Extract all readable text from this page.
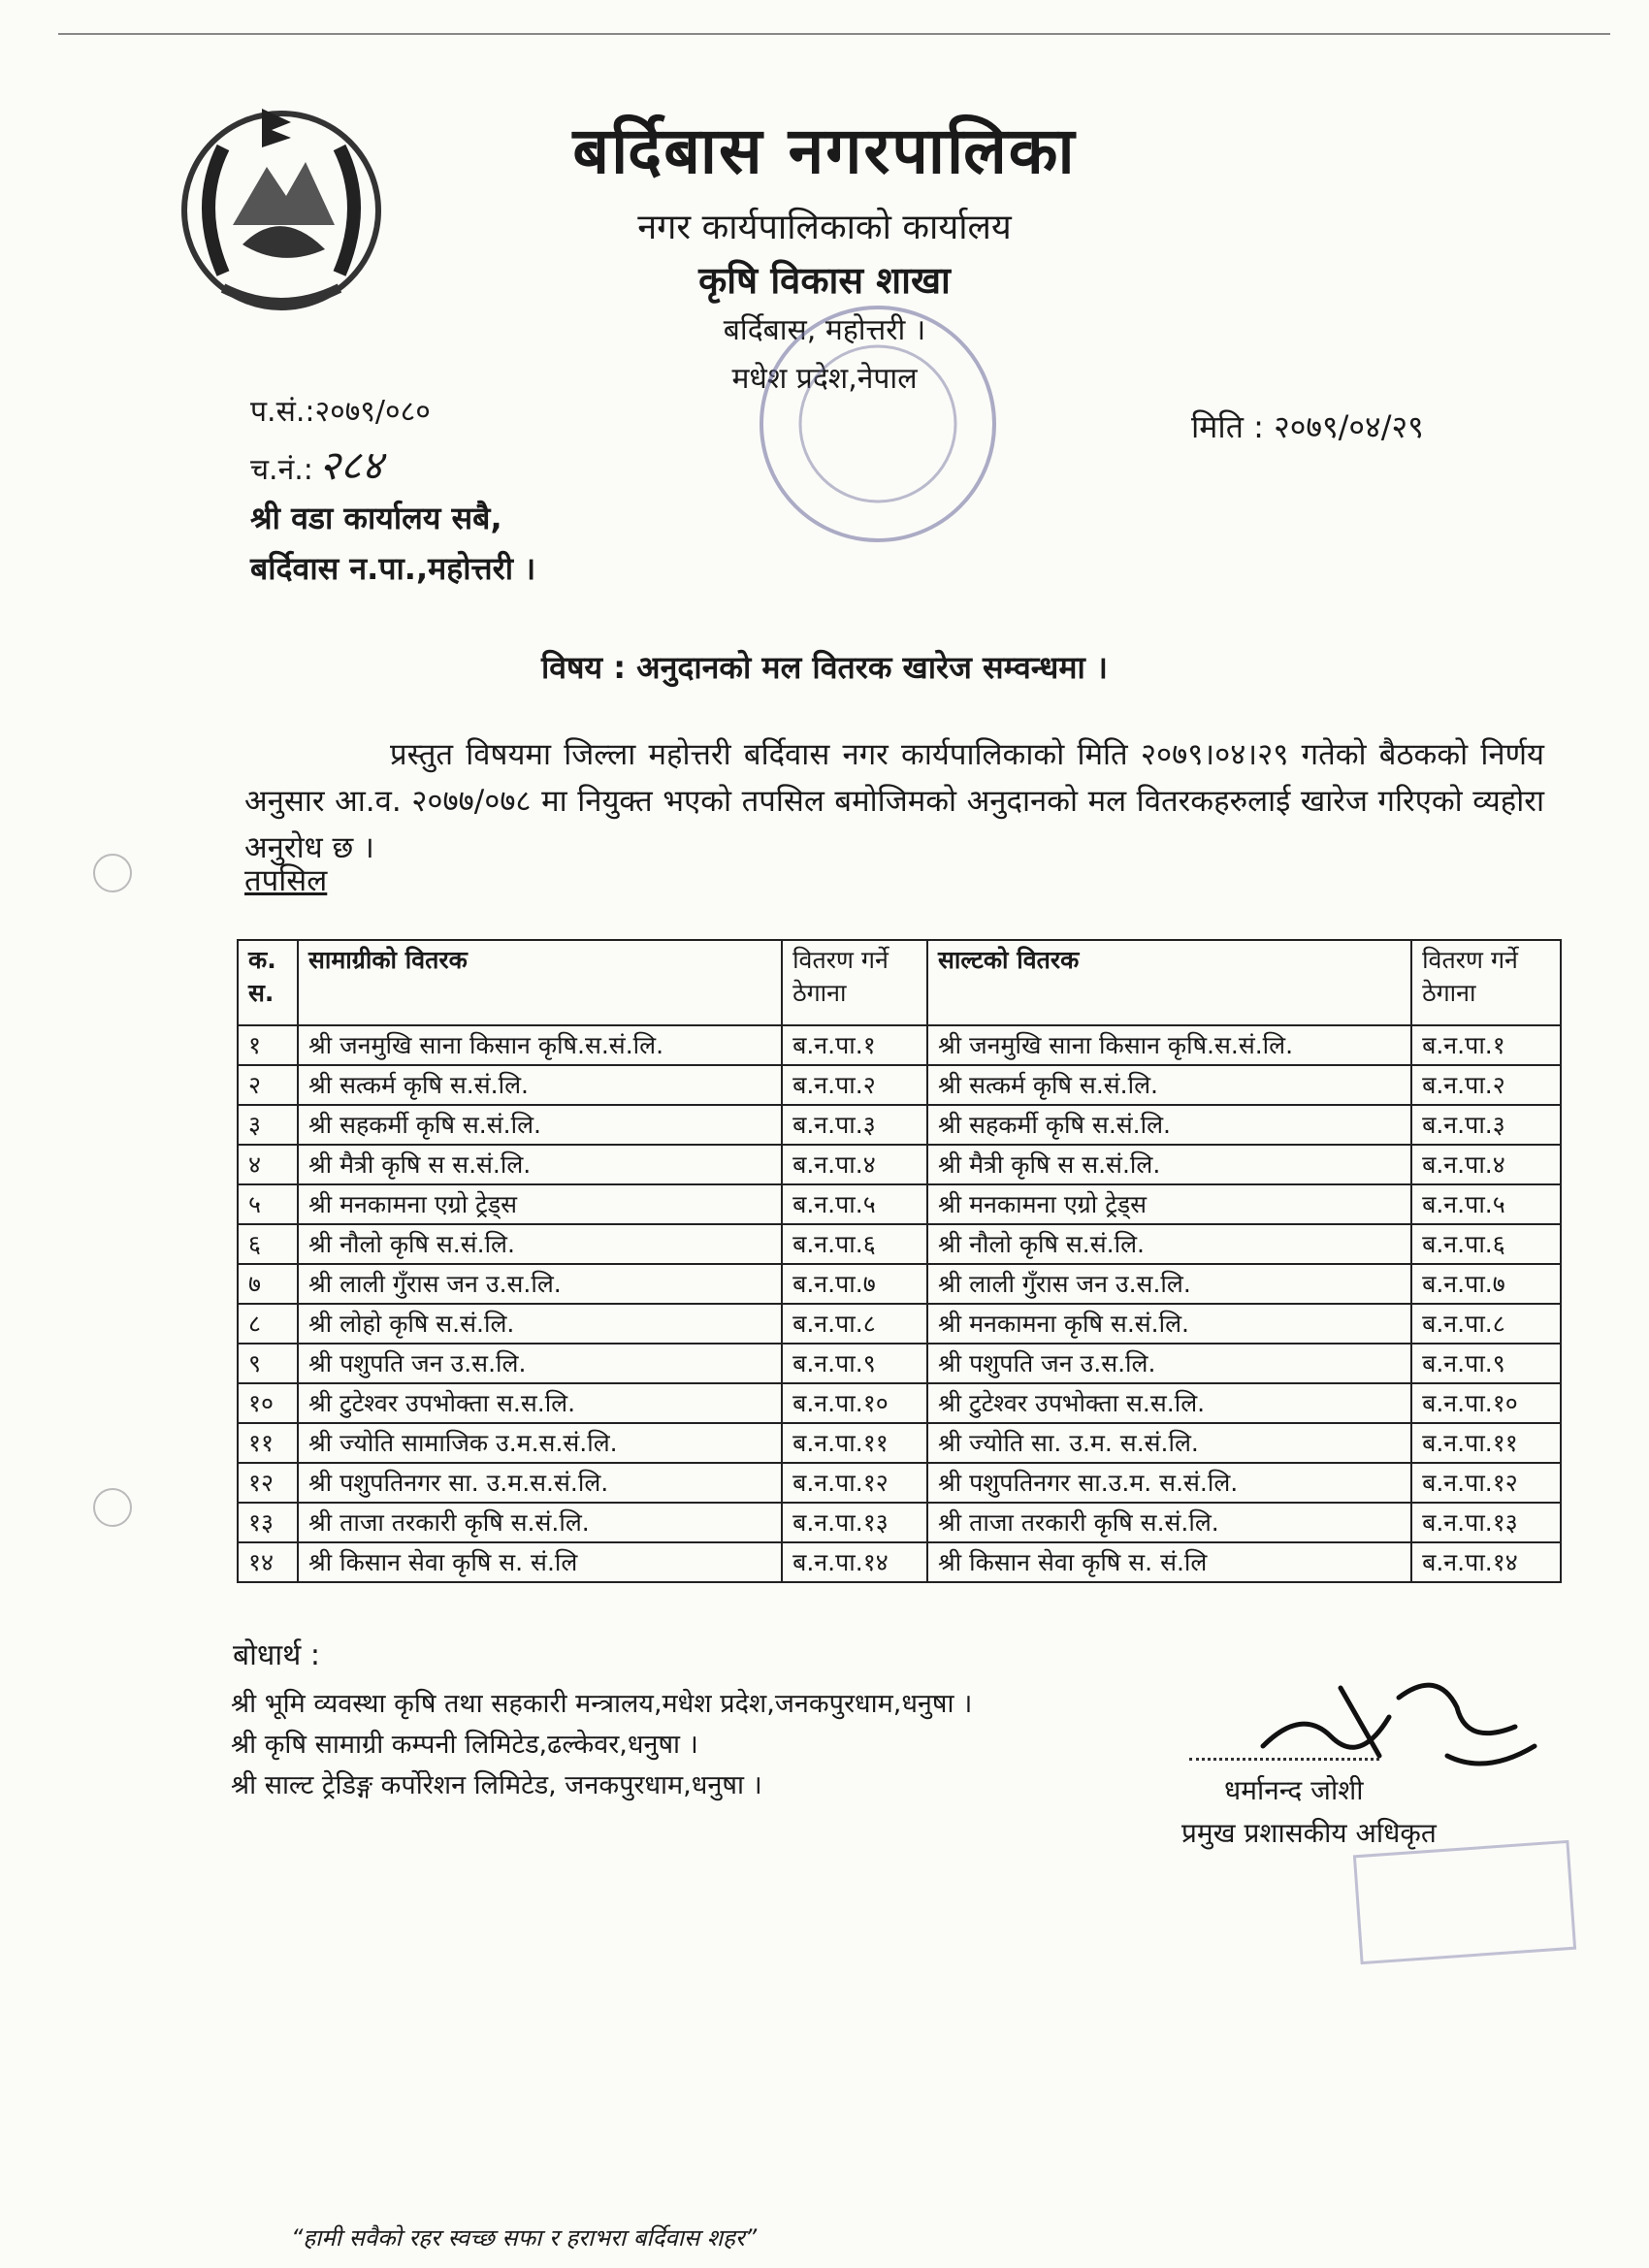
बर्दिबास नगरपालिका
नगर कार्यपालिकाको कार्यालय
कृषि विकास शाखा
बर्दिबास, महोत्तरी ।
मधेश प्रदेश,नेपाल
प.सं.:२०७९/०८०
च.नं.: २८४
मिति : २०७९/०४/२९
श्री वडा कार्यालय सबै,
बर्दिवास न.पा.,महोत्तरी ।
विषय : अनुदानको मल वितरक खारेज सम्वन्धमा ।
प्रस्तुत विषयमा जिल्ला महोत्तरी बर्दिवास नगर कार्यपालिकाको मिति २०७९।०४।२९ गतेको बैठकको निर्णय अनुसार आ.व. २०७७/०७८ मा नियुक्त भएको तपसिल बमोजिमको अनुदानको मल वितरकहरुलाई खारेज गरिएको व्यहोरा अनुरोध छ ।
तपसिल
क. स.	सामाग्रीको वितरक	वितरण गर्ने ठेगाना	साल्टको वितरक	वितरण गर्ने ठेगाना
१	श्री जनमुखि साना किसान कृषि.स.सं.लि.	ब.न.पा.१	श्री जनमुखि साना किसान कृषि.स.सं.लि.	ब.न.पा.१
२	श्री सत्कर्म कृषि स.सं.लि.	ब.न.पा.२	श्री सत्कर्म कृषि स.सं.लि.	ब.न.पा.२
३	श्री सहकर्मी कृषि स.सं.लि.	ब.न.पा.३	श्री सहकर्मी कृषि स.सं.लि.	ब.न.पा.३
४	श्री मैत्री कृषि स स.सं.लि.	ब.न.पा.४	श्री मैत्री कृषि स स.सं.लि.	ब.न.पा.४
५	श्री मनकामना एग्रो ट्रेड्स	ब.न.पा.५	श्री मनकामना एग्रो ट्रेड्स	ब.न.पा.५
६	श्री नौलो कृषि स.सं.लि.	ब.न.पा.६	श्री नौलो कृषि स.सं.लि.	ब.न.पा.६
७	श्री लाली गुँरास जन उ.स.लि.	ब.न.पा.७	श्री लाली गुँरास जन उ.स.लि.	ब.न.पा.७
८	श्री लोहो कृषि स.सं.लि.	ब.न.पा.८	श्री मनकामना कृषि स.सं.लि.	ब.न.पा.८
९	श्री पशुपति जन उ.स.लि.	ब.न.पा.९	श्री पशुपति जन उ.स.लि.	ब.न.पा.९
१०	श्री टुटेश्वर उपभोक्ता स.स.लि.	ब.न.पा.१०	श्री टुटेश्वर उपभोक्ता स.स.लि.	ब.न.पा.१०
११	श्री ज्योति सामाजिक उ.म.स.सं.लि.	ब.न.पा.११	श्री ज्योति सा. उ.म. स.सं.लि.	ब.न.पा.११
१२	श्री पशुपतिनगर सा. उ.म.स.सं.लि.	ब.न.पा.१२	श्री पशुपतिनगर सा.उ.म. स.सं.लि.	ब.न.पा.१२
१३	श्री ताजा तरकारी कृषि स.सं.लि.	ब.न.पा.१३	श्री ताजा तरकारी कृषि स.सं.लि.	ब.न.पा.१३
१४	श्री किसान सेवा कृषि स. सं.लि	ब.न.पा.१४	श्री किसान सेवा कृषि स. सं.लि	ब.न.पा.१४
बोधार्थ :
श्री भूमि व्यवस्था कृषि तथा सहकारी मन्त्रालय,मधेश प्रदेश,जनकपुरधाम,धनुषा ।
श्री कृषि सामाग्री कम्पनी लिमिटेड,ढल्केवर,धनुषा ।
श्री साल्ट ट्रेडिङ्ग कर्पोरेशन लिमिटेड, जनकपुरधाम,धनुषा ।	धर्मानन्द जोशी
प्रमुख प्रशासकीय अधिकृत
“हामी सवैको रहर स्वच्छ सफा र हराभरा बर्दिवास शहर”
